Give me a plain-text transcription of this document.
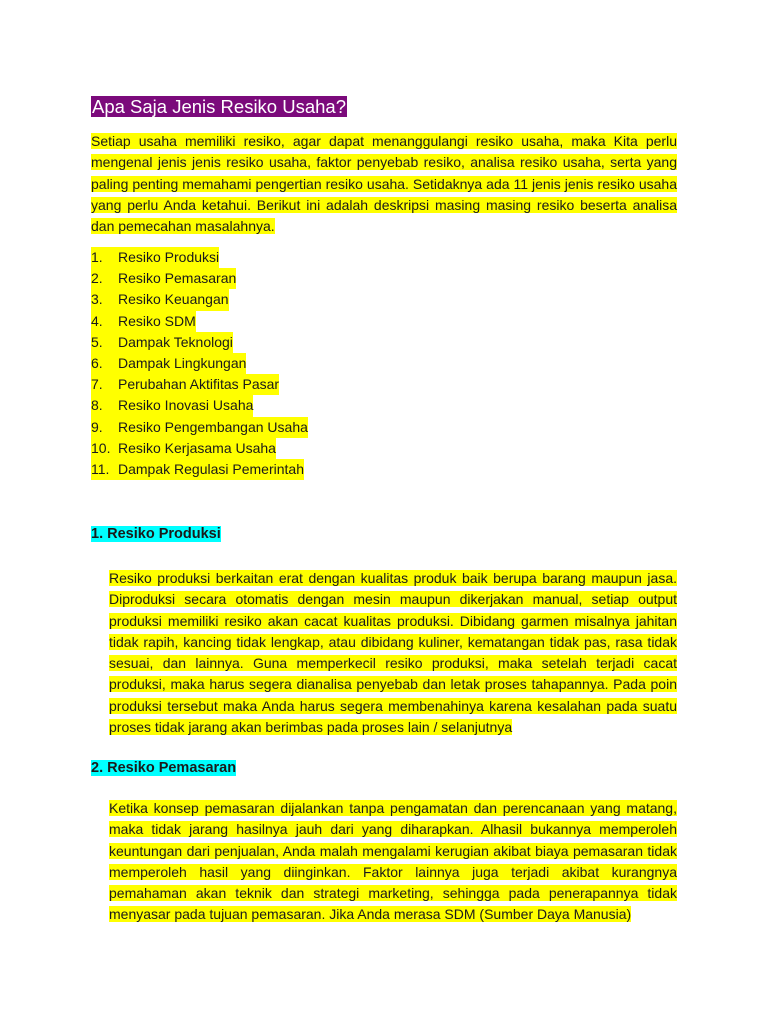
Apa Saja Jenis Resiko Usaha?
Setiap usaha memiliki resiko, agar dapat menanggulangi resiko usaha, maka Kita perlu mengenal jenis jenis resiko usaha, faktor penyebab resiko, analisa resiko usaha, serta yang paling penting memahami pengertian resiko usaha. Setidaknya ada 11 jenis jenis resiko usaha yang perlu Anda ketahui. Berikut ini adalah deskripsi masing masing resiko beserta analisa dan pemecahan masalahnya.
1.	Resiko Produksi
2.	Resiko Pemasaran
3.	Resiko Keuangan
4.	Resiko SDM
5.	Dampak Teknologi
6.	Dampak Lingkungan
7.	Perubahan Aktifitas Pasar
8.	Resiko Inovasi Usaha
9.	Resiko Pengembangan Usaha
10. Resiko Kerjasama Usaha
11. Dampak Regulasi Pemerintah
1. Resiko Produksi
Resiko produksi berkaitan erat dengan kualitas produk baik berupa barang maupun jasa. Diproduksi secara otomatis dengan mesin maupun dikerjakan manual, setiap output produksi memiliki resiko akan cacat kualitas produksi. Dibidang garmen misalnya jahitan tidak rapih, kancing tidak lengkap, atau dibidang kuliner, kematangan tidak pas, rasa tidak sesuai, dan lainnya. Guna memperkecil resiko produksi, maka setelah terjadi cacat produksi, maka harus segera dianalisa penyebab dan letak proses tahapannya. Pada poin produksi tersebut maka Anda harus segera membenahinya karena kesalahan pada suatu proses tidak jarang akan berimbas pada proses lain / selanjutnya
2. Resiko Pemasaran
Ketika konsep pemasaran dijalankan tanpa pengamatan dan perencanaan yang matang, maka tidak jarang hasilnya jauh dari yang diharapkan. Alhasil bukannya memperoleh keuntungan dari penjualan, Anda malah mengalami kerugian akibat biaya pemasaran tidak memperoleh hasil yang diinginkan. Faktor lainnya juga terjadi akibat kurangnya pemahaman akan teknik dan strategi marketing, sehingga pada penerapannya tidak menyasar pada tujuan pemasaran. Jika Anda merasa SDM (Sumber Daya Manusia)
